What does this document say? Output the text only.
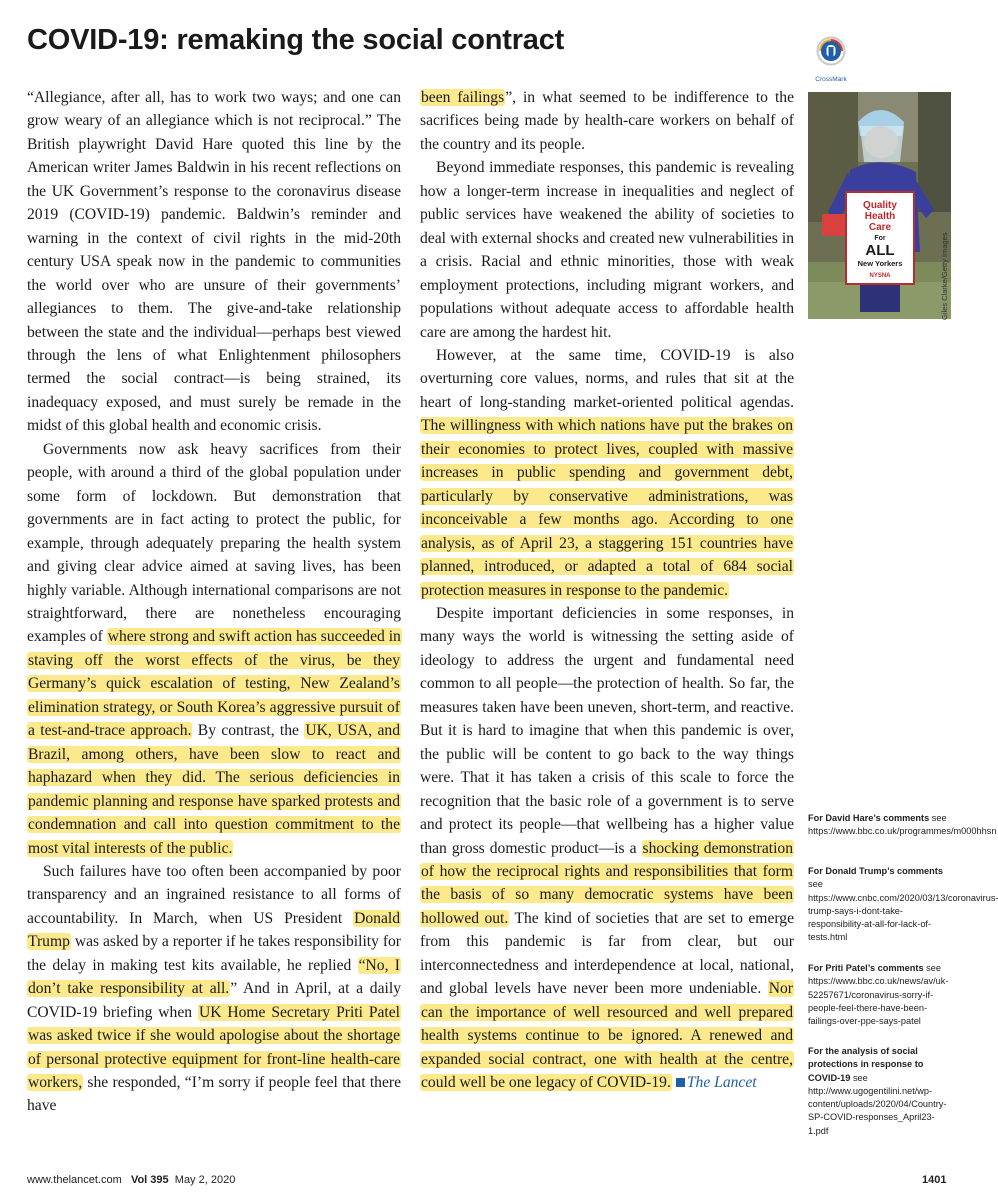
COVID-19: remaking the social contract
CrossMark
Quality
Health
Care
For
ALL
New Yorkers
NYSNA	Giles Clarke/Getty Images

“Allegiance, after all, has to work two ways; and one can grow weary of an allegiance which is not reciprocal.” The British playwright David Hare quoted this line by the American writer James Baldwin in his recent reflections on the UK Government’s response to the coronavirus disease 2019 (COVID-19) pandemic. Baldwin’s reminder and warning in the context of civil rights in the mid-20th century USA speak now in the pandemic to communities the world over who are unsure of their governments’ allegiances to them. The give-and-take relationship between the state and the individual—perhaps best viewed through the lens of what Enlightenment philosophers termed the social contract—is being strained, its inadequacy exposed, and must surely be remade in the midst of this global health and economic crisis.

Governments now ask heavy sacrifices from their people, with around a third of the global population under some form of lockdown. But demonstration that governments are in fact acting to protect the public, for example, through adequately preparing the health system and giving clear advice aimed at saving lives, has been highly variable. Although international comparisons are not straightforward, there are nonetheless encouraging examples of where strong and swift action has succeeded in staving off the worst effects of the virus, be they Germany’s quick escalation of testing, New Zealand’s elimination strategy, or South Korea’s aggressive pursuit of a test-and-trace approach. By contrast, the UK, USA, and Brazil, among others, have been slow to react and haphazard when they did. The serious deficiencies in pandemic planning and response have sparked protests and condemnation and call into question commitment to the most vital interests of the public.

Such failures have too often been accompanied by poor transparency and an ingrained resistance to all forms of accountability. In March, when US President Donald Trump was asked by a reporter if he takes responsibility for the delay in making test kits available, he replied “No, I don’t take responsibility at all.” And in April, at a daily COVID-19 briefing when UK Home Secretary Priti Patel was asked twice if she would apologise about the shortage of personal protective equipment for front-line health-care workers, she responded, “I’m sorry if people feel that there have

been failings”, in what seemed to be indifference to the sacrifices being made by health-care workers on behalf of the country and its people.

Beyond immediate responses, this pandemic is revealing how a longer-term increase in inequalities and neglect of public services have weakened the ability of societies to deal with external shocks and created new vulnerabilities in a crisis. Racial and ethnic minorities, those with weak employment protections, including migrant workers, and populations without adequate access to affordable health care are among the hardest hit.

However, at the same time, COVID-19 is also overturning core values, norms, and rules that sit at the heart of long-standing market-oriented political agendas. The willingness with which nations have put the brakes on their economies to protect lives, coupled with massive increases in public spending and government debt, particularly by conservative administrations, was inconceivable a few months ago. According to one analysis, as of April 23, a staggering 151 countries have planned, introduced, or adapted a total of 684 social protection measures in response to the pandemic.

Despite important deficiencies in some responses, in many ways the world is witnessing the setting aside of ideology to address the urgent and fundamental need common to all people—the protection of health. So far, the measures taken have been uneven, short-term, and reactive. But it is hard to imagine that when this pandemic is over, the public will be content to go back to the way things were. That it has taken a crisis of this scale to force the recognition that the basic role of a government is to serve and protect its people—that wellbeing has a higher value than gross domestic product—is a shocking demonstration of how the reciprocal rights and responsibilities that form the basis of so many democratic systems have been hollowed out. The kind of societies that are set to emerge from this pandemic is far from clear, but our interconnectedness and interdependence at local, national, and global levels have never been more undeniable. Nor can the importance of well resourced and well prepared health systems continue to be ignored. A renewed and expanded social contract, one with health at the centre, could well be one legacy of COVID-19. The Lancet

For David Hare’s comments see https://www.bbc.co.uk/programmes/m000hhsn
For Donald Trump’s comments see https://www.cnbc.com/2020/03/13/coronavirus-trump-says-i-dont-take-responsibility-at-all-for-lack-of-tests.html
For Priti Patel’s comments see https://www.bbc.co.uk/news/av/uk-52257671/coronavirus-sorry-if-people-feel-there-have-been-failings-over-ppe-says-patel
For the analysis of social protections in response to COVID-19 see http://www.ugogentilini.net/wp-content/uploads/2020/04/Country-SP-COVID-responses_April23-1.pdf
www.thelancet.com Vol 395 May 2, 2020	1401
